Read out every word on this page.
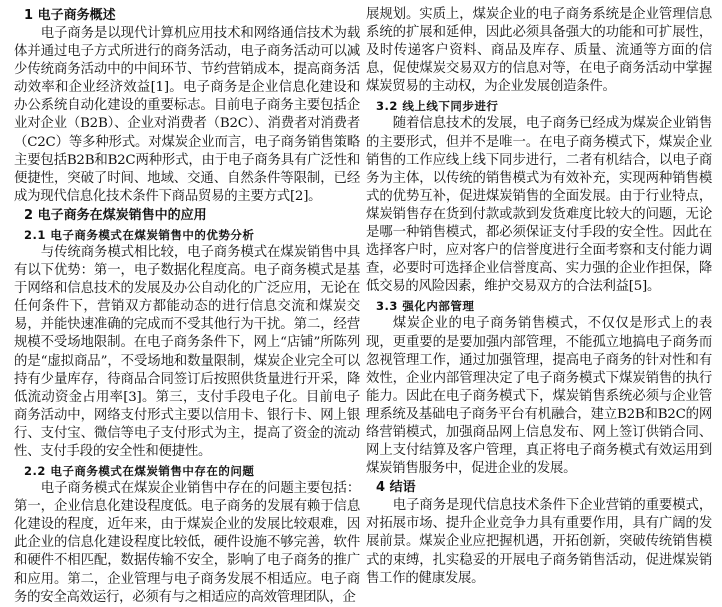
1 电子商务概述

电子商务是以现代计算机应用技术和网络通信技术为载体并通过电子方式所进行的商务活动，电子商务活动可以减少传统商务活动中的中间环节、节约营销成本，提高商务活动效率和企业经济效益[1]。电子商务是企业信息化建设和办公系统自动化建设的重要标志。目前电子商务主要包括企业对企业（B2B）、企业对消费者（B2C）、消费者对消费者（C2C）等多种形式。对煤炭企业而言，电子商务销售策略主要包括B2B和B2C两种形式，由于电子商务具有广泛性和便捷性，突破了时间、地域、交通、自然条件等限制，已经成为现代信息化技术条件下商品贸易的主要方式[2]。

2 电子商务在煤炭销售中的应用
2.1 电子商务模式在煤炭销售中的优势分析

与传统商务模式相比较，电子商务模式在煤炭销售中具有以下优势：第一，电子数据化程度高。电子商务模式是基于网络和信息技术的发展及办公自动化的广泛应用，无论在任何条件下，营销双方都能动态的进行信息交流和煤炭交易，并能快速准确的完成而不受其他行为干扰。第二，经营规模不受场地限制。在电子商务条件下，网上“店铺”所陈列的是“虚拟商品”，不受场地和数量限制，煤炭企业完全可以持有少量库存，待商品合同签订后按照供货量进行开采，降低流动资金占用率[3]。第三，支付手段电子化。目前电子商务活动中，网络支付形式主要以信用卡、银行卡、网上银行、支付宝、微信等电子支付形式为主，提高了资金的流动性、支付手段的安全性和便捷性。

2.2 电子商务模式在煤炭销售中存在的问题

电子商务模式在煤炭企业销售中存在的问题主要包括：第一，企业信息化建设程度低。电子商务的发展有赖于信息化建设的程度，近年来，由于煤炭企业的发展比较艰难，因此企业的信息化建设程度比较低，硬件设施不够完善，软件和硬件不相匹配，数据传输不安全，影响了电子商务的推广和应用。第二，企业管理与电子商务发展不相适应。电子商务的安全高效运行，必须有与之相适应的高效管理团队，企

展规划。实质上，煤炭企业的电子商务系统是企业管理信息系统的扩展和延伸，因此必须具备强大的功能和可扩展性，及时传递客户资料、商品及库存、质量、流通等方面的信息，促使煤炭交易双方的信息对等，在电子商务活动中掌握煤炭贸易的主动权，为企业发展创造条件。

3.2 线上线下同步进行

随着信息技术的发展，电子商务已经成为煤炭企业销售的主要形式，但并不是唯一。在电子商务模式下，煤炭企业销售的工作应线上线下同步进行，二者有机结合，以电子商务为主体，以传统的销售模式为有效补充，实现两种销售模式的优势互补，促进煤炭销售的全面发展。由于行业特点，煤炭销售存在货到付款或款到发货难度比较大的问题，无论是哪一种销售模式，都必须保证支付手段的安全性。因此在选择客户时，应对客户的信誉度进行全面考察和支付能力调查，必要时可选择企业信誉度高、实力强的企业作担保，降低交易的风险因素，维护交易双方的合法利益[5]。

3.3 强化内部管理

煤炭企业的电子商务销售模式，不仅仅是形式上的表现，更重要的是要加强内部管理，不能孤立地搞电子商务而忽视管理工作，通过加强管理，提高电子商务的针对性和有效性，企业内部管理决定了电子商务模式下煤炭销售的执行能力。因此在电子商务模式下，煤炭销售系统必须与企业管理系统及基础电子商务平台有机融合，建立B2B和B2C的网络营销模式，加强商品网上信息发布、网上签订供销合同、网上支付结算及客户管理，真正将电子商务模式有效运用到煤炭销售服务中，促进企业的发展。

4 结语

电子商务是现代信息技术条件下企业营销的重要模式，对拓展市场、提升企业竞争力具有重要作用，具有广阔的发展前景。煤炭企业应把握机遇，开拓创新，突破传统销售模式的束缚，扎实稳妥的开展电子商务销售活动，促进煤炭销售工作的健康发展。
